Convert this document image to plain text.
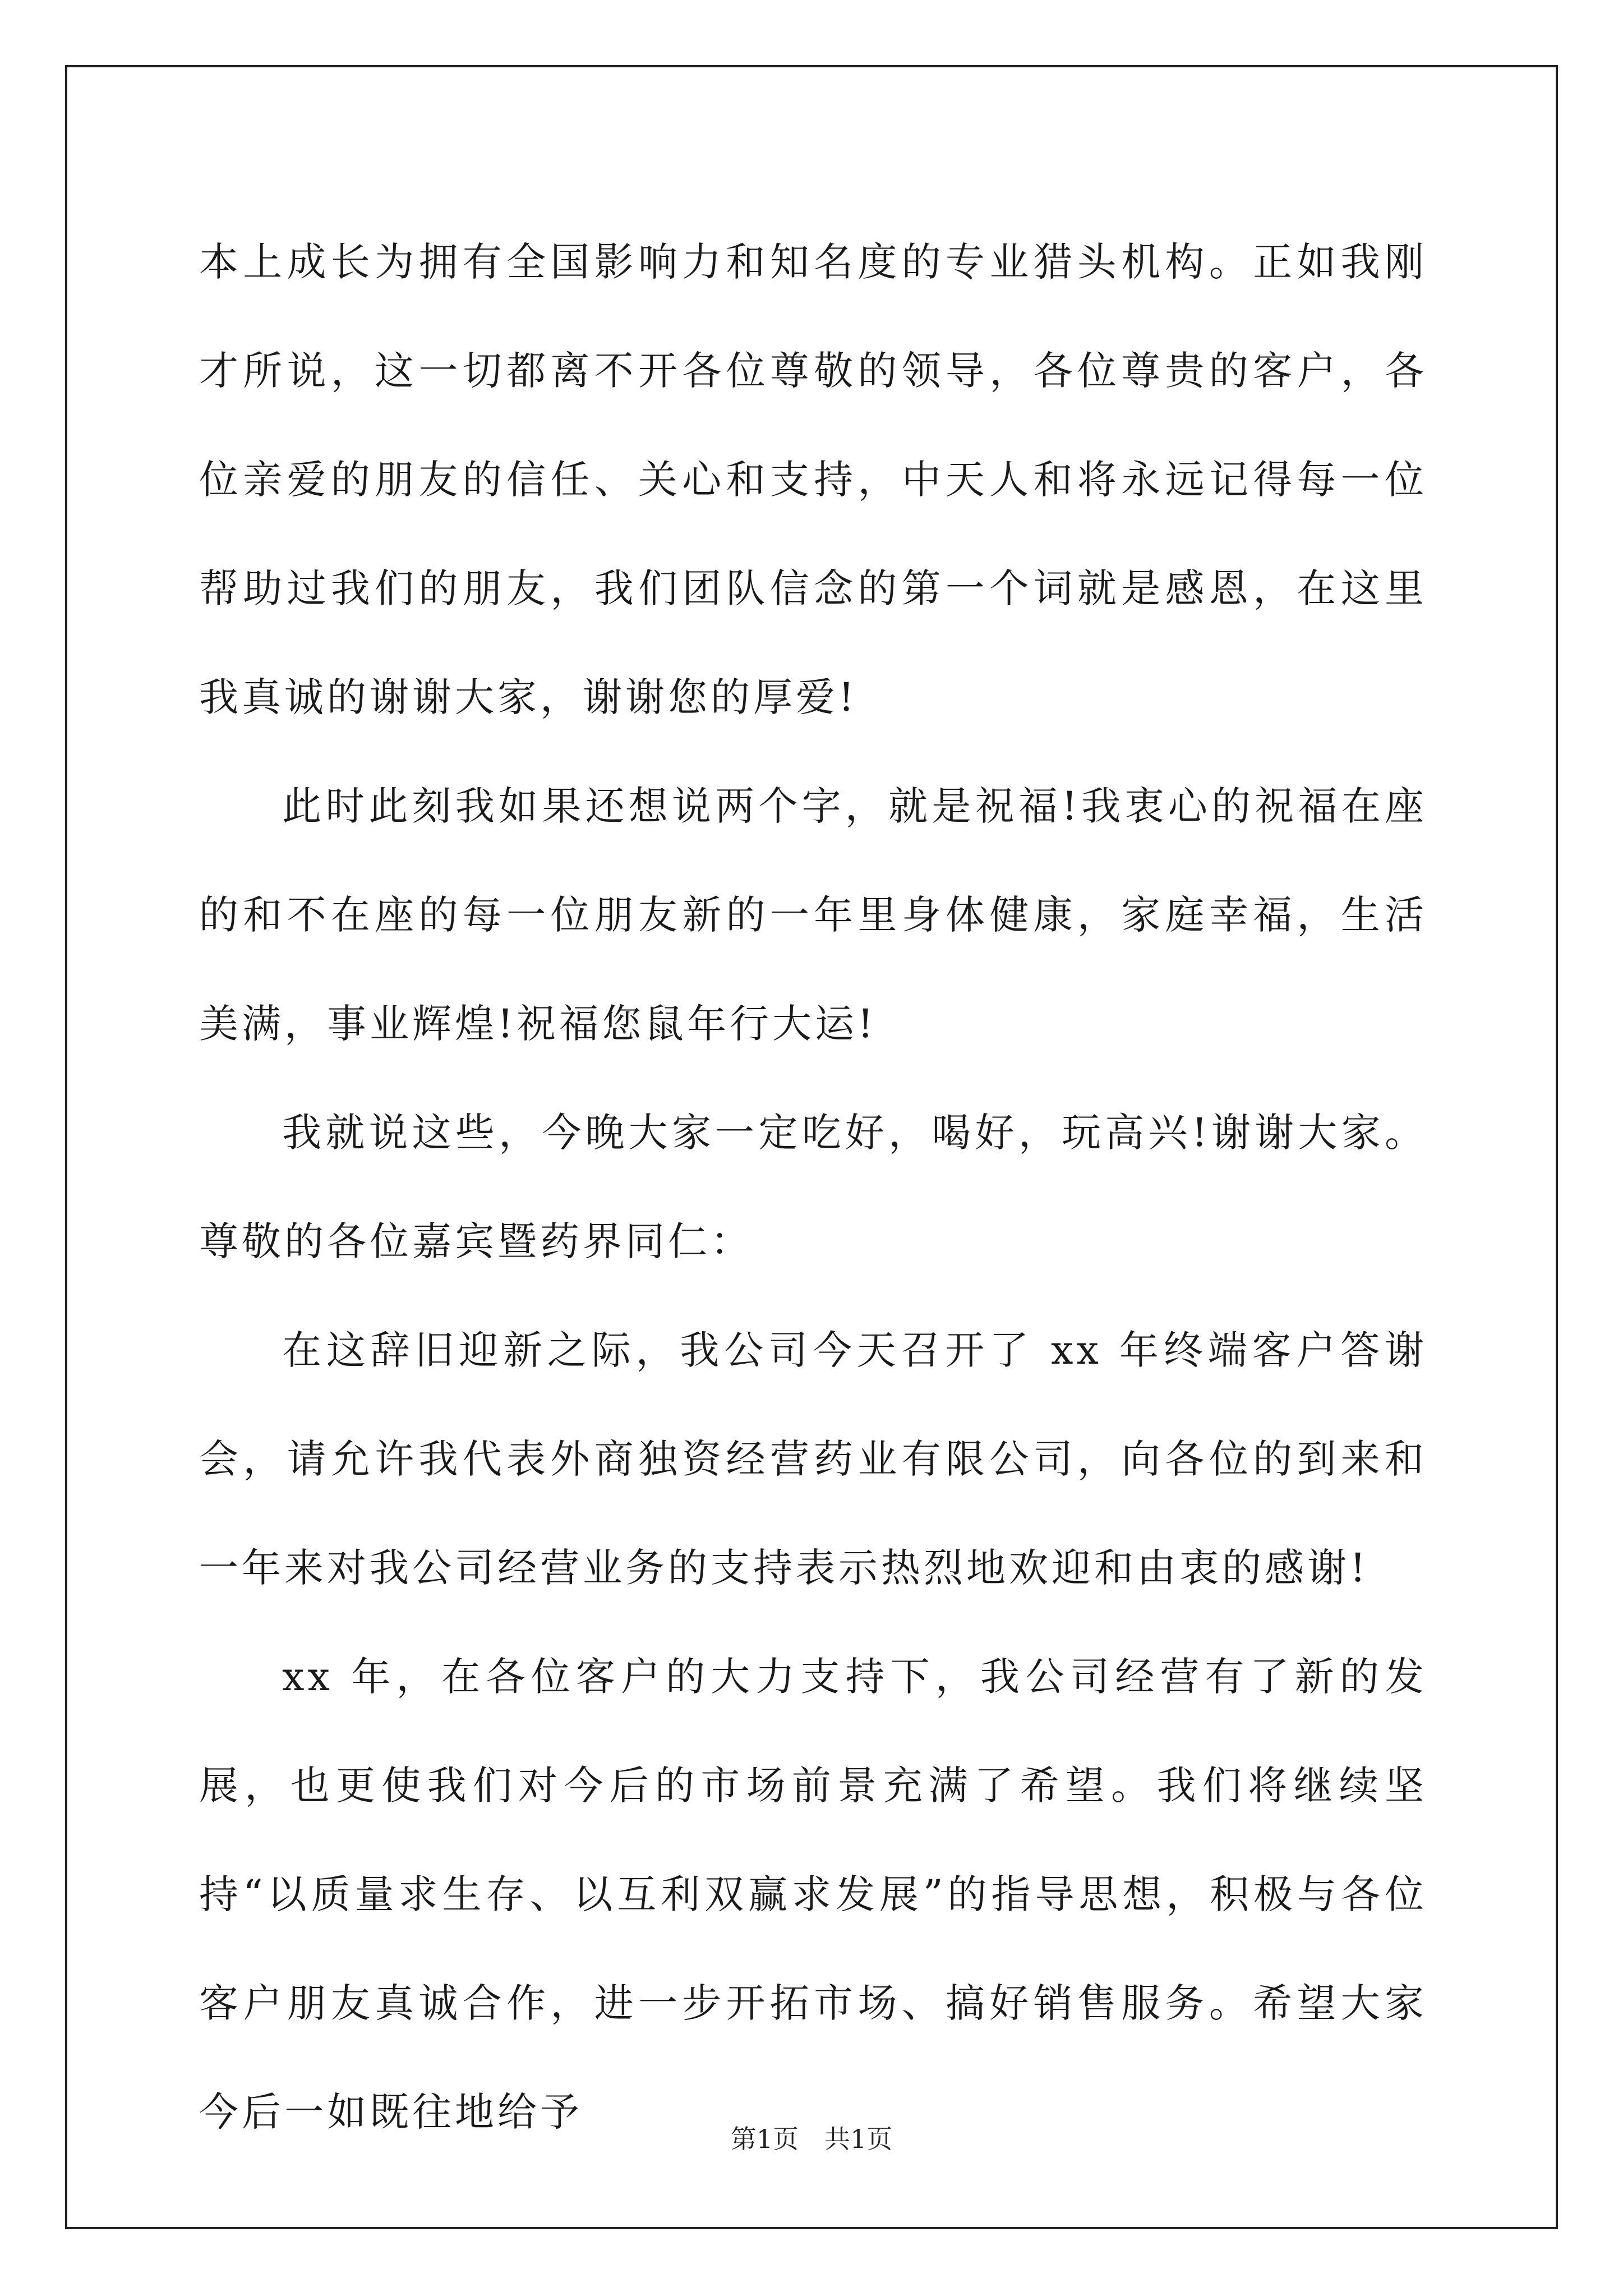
本上成长为拥有全国影响力和知名度的专业猎头机构。正如我刚才所说，这一切都离不开各位尊敬的领导，各位尊贵的客户，各位亲爱的朋友的信任、关心和支持，中天人和将永远记得每一位帮助过我们的朋友，我们团队信念的第一个词就是感恩，在这里我真诚的谢谢大家，谢谢您的厚爱!

此时此刻我如果还想说两个字，就是祝福!我衷心的祝福在座的和不在座的每一位朋友新的一年里身体健康，家庭幸福，生活美满，事业辉煌!祝福您鼠年行大运!

我就说这些，今晚大家一定吃好，喝好，玩高兴!谢谢大家。尊敬的各位嘉宾暨药界同仁：

在这辞旧迎新之际，我公司今天召开了 xx 年终端客户答谢会，请允许我代表外商独资经营药业有限公司，向各位的到来和一年来对我公司经营业务的支持表示热烈地欢迎和由衷的感谢!

xx 年，在各位客户的大力支持下，我公司经营有了新的发展，也更使我们对今后的市场前景充满了希望。我们将继续坚持“以质量求生存、以互利双赢求发展”的指导思想，积极与各位客户朋友真诚合作，进一步开拓市场、搞好销售服务。希望大家今后一如既往地给予

第1页 共1页
